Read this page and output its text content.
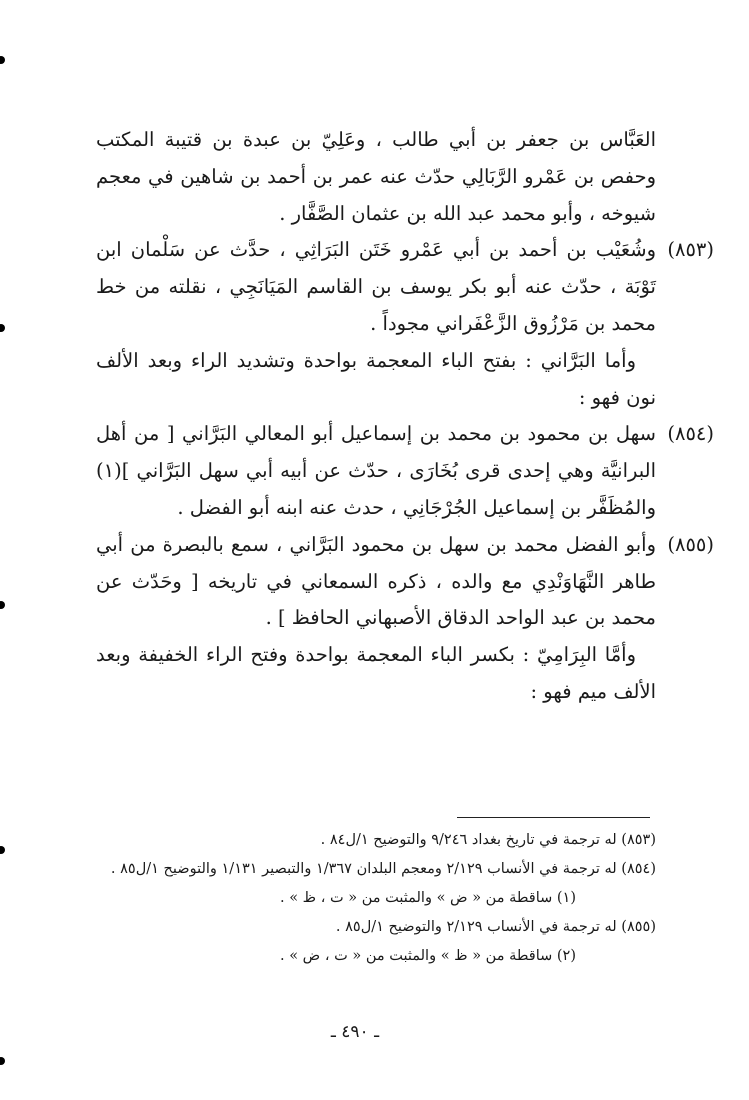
العَبَّاس بن جعفر بن أبي طالب ، وعَلِيّ بن عبدة بن قتيبة المكتب وحفص بن عَمْرو الرَّبَالِي حدّث عنه عمر بن أحمد بن شاهين في معجم شيوخه ، وأبو محمد عبد الله بن عثمان الصَّفَّار .
(٨٥٣)
وشُعَيْب بن أحمد بن أبي عَمْرو خَتَن البَرَاثِي ، حدَّث عن سَلْمان ابن تَوْبَة ، حدّث عنه أبو بكر يوسف بن القاسم المَيَانَجِي ، نقلته من خط محمد بن مَرْزُوق الزَّعْفَراني مجوداً .
وأما البَرَّاني : بفتح الباء المعجمة بواحدة وتشديد الراء وبعد الألف نون فهو :
(٨٥٤)
سهل بن محمود بن محمد بن إسماعيل أبو المعالي البَرَّاني [ من أهل البرانيَّة وهي إحدى قرى بُخَارَى ، حدّث عن أبيه أبي سهل البَرَّاني ](١) والمُظَفَّر بن إسماعيل الجُرْجَانِي ، حدث عنه ابنه أبو الفضل .
(٨٥٥)
وأبو الفضل محمد بن سهل بن محمود البَرَّاني ، سمع بالبصرة من أبي طاهر النَّهَاوَنْدِي مع والده ، ذكره السمعاني في تاريخه [ وحَدّث عن محمد بن عبد الواحد الدقاق الأصبهاني الحافظ ] .
وأمَّا البِرَامِيّ : بكسر الباء المعجمة بواحدة وفتح الراء الخفيفة وبعد الألف ميم فهو :
(٨٥٣) له ترجمة في تاريخ بغداد ٩/٢٤٦ والتوضيح ١/ل٨٤ .
(٨٥٤) له ترجمة في الأنساب ٢/١٢٩ ومعجم البلدان ١/٣٦٧ والتبصير ١/١٣١ والتوضيح ١/ل٨٥ .
(١) ساقطة من « ض » والمثبت من « ت ، ظ » .
(٨٥٥) له ترجمة في الأنساب ٢/١٢٩ والتوضيح ١/ل٨٥ .
(٢) ساقطة من « ظ » والمثبت من « ت ، ض » .
ـ ٤٩٠ ـ
